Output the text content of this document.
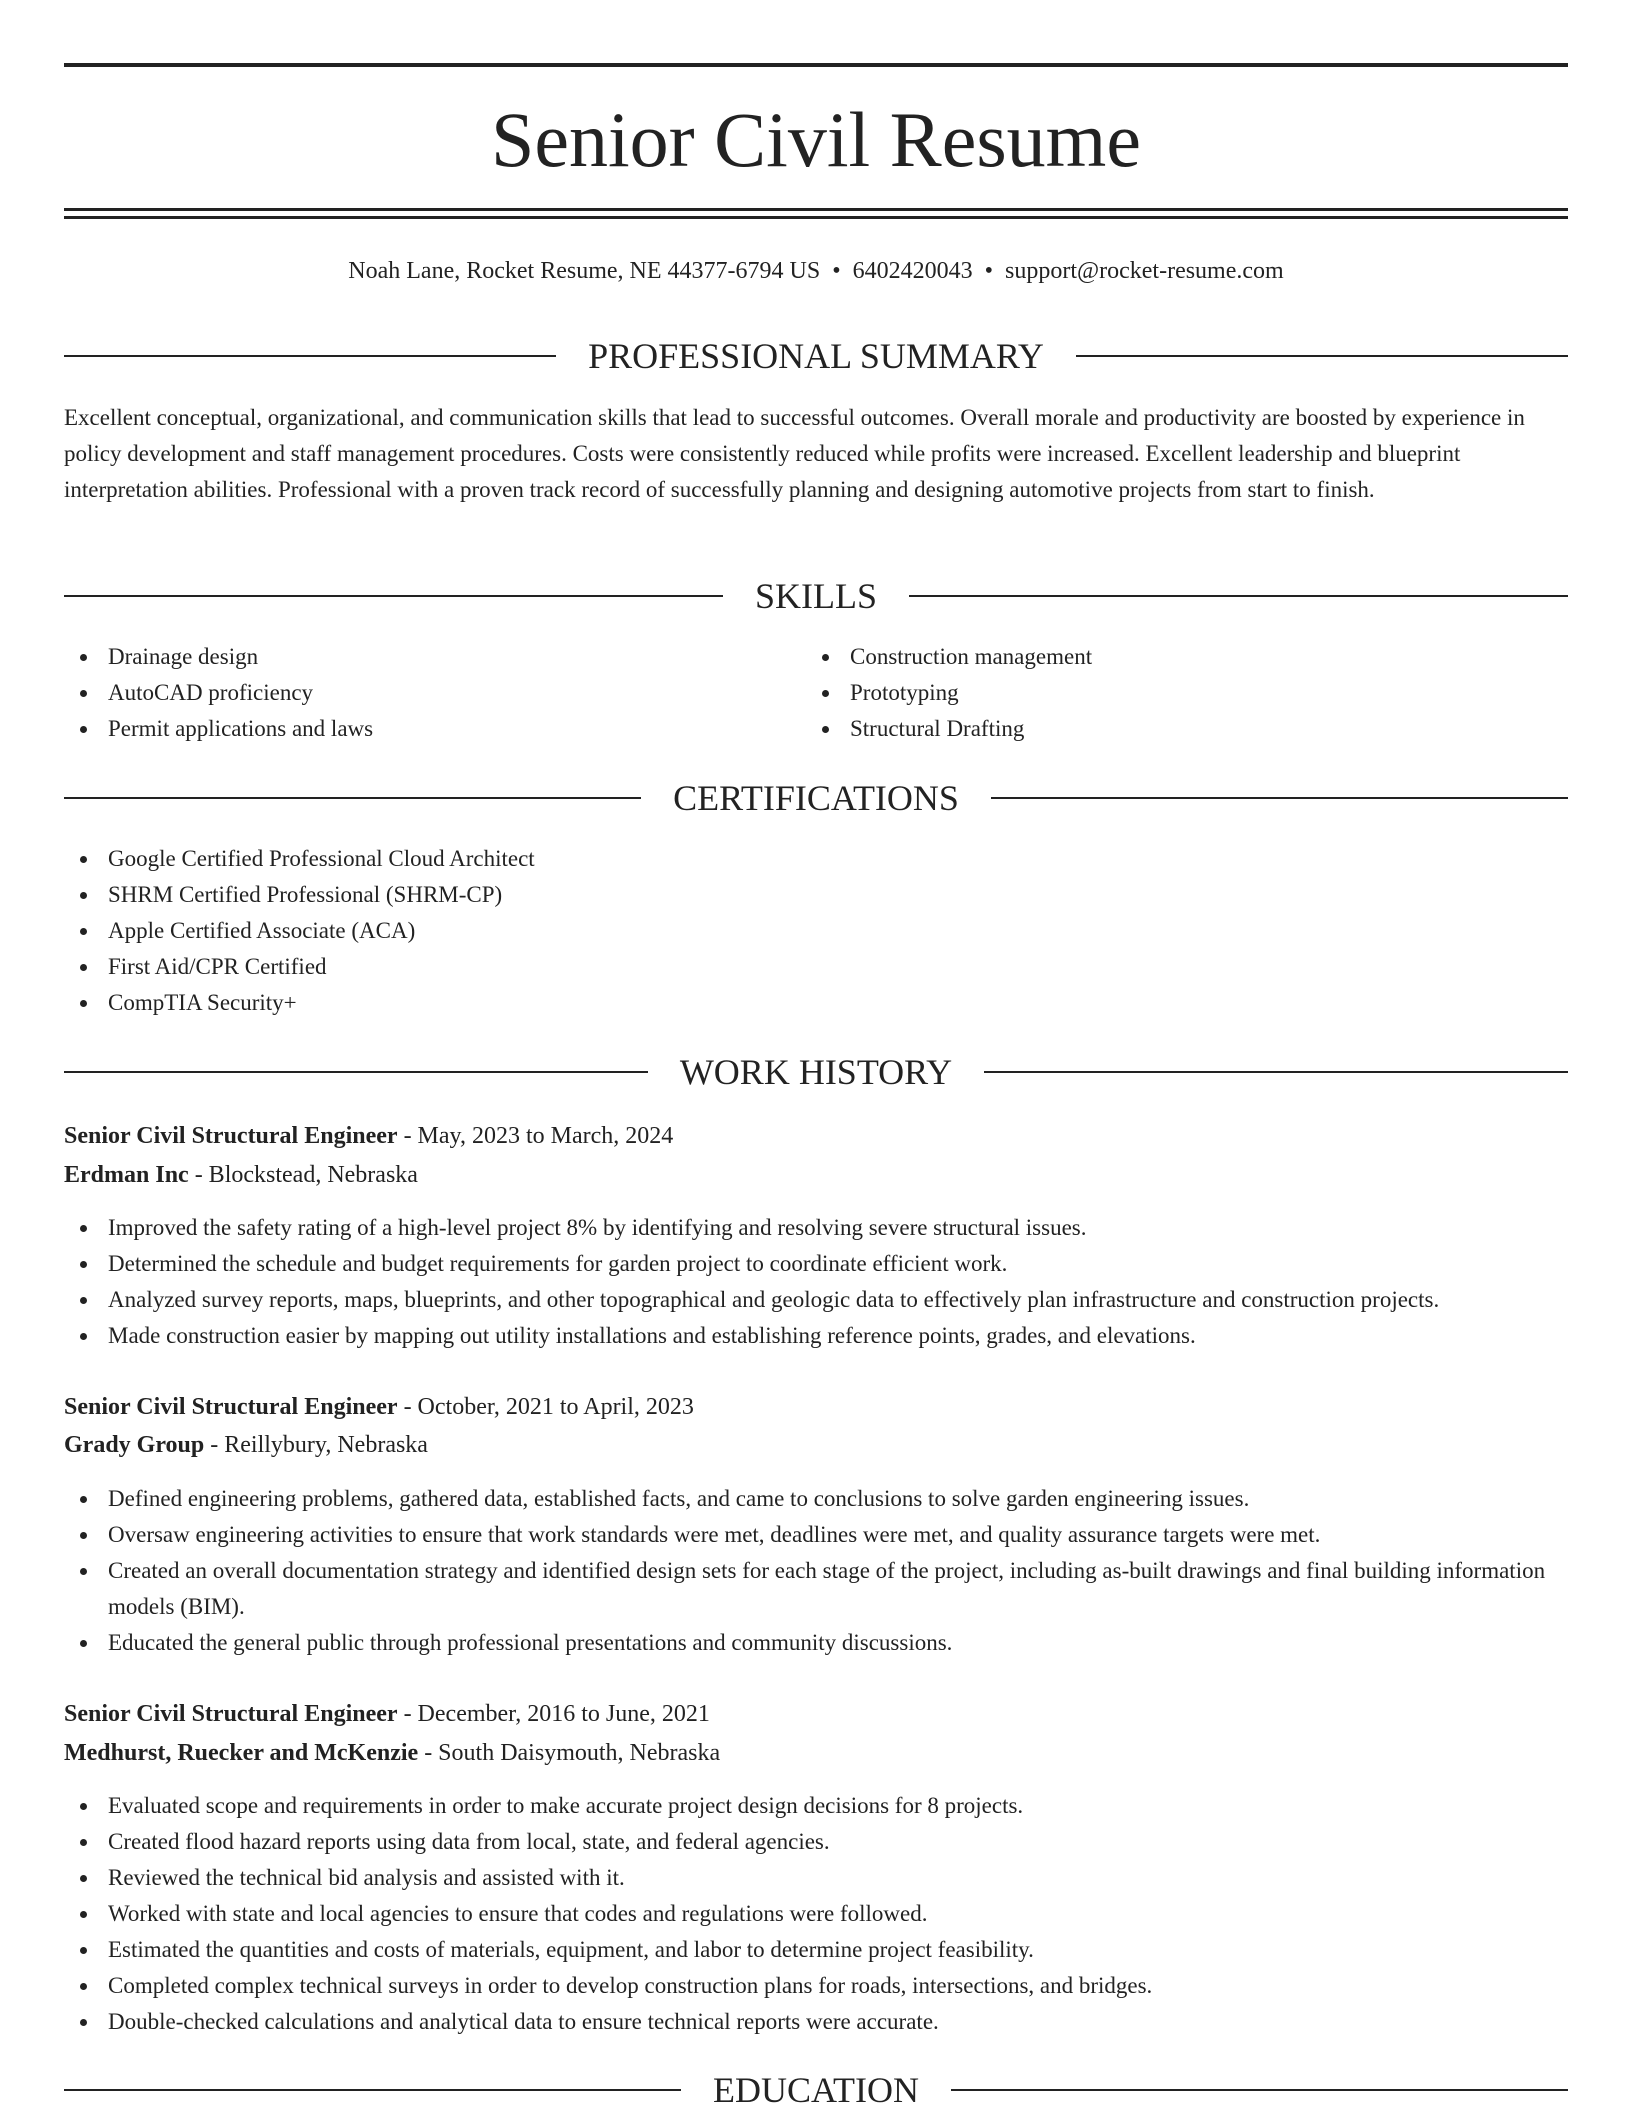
Senior Civil Resume
Noah Lane, Rocket Resume, NE 44377-6794 US • 6402420043 • support@rocket-resume.com
PROFESSIONAL SUMMARY
Excellent conceptual, organizational, and communication skills that lead to successful outcomes. Overall morale and productivity are boosted by experience in policy development and staff management procedures. Costs were consistently reduced while profits were increased. Excellent leadership and blueprint interpretation abilities. Professional with a proven track record of successfully planning and designing automotive projects from start to finish.
SKILLS
Drainage design
AutoCAD proficiency
Permit applications and laws
Construction management
Prototyping
Structural Drafting
CERTIFICATIONS
Google Certified Professional Cloud Architect
SHRM Certified Professional (SHRM-CP)
Apple Certified Associate (ACA)
First Aid/CPR Certified
CompTIA Security+
WORK HISTORY
Senior Civil Structural Engineer - May, 2023 to March, 2024
Erdman Inc - Blockstead, Nebraska
Improved the safety rating of a high-level project 8% by identifying and resolving severe structural issues.
Determined the schedule and budget requirements for garden project to coordinate efficient work.
Analyzed survey reports, maps, blueprints, and other topographical and geologic data to effectively plan infrastructure and construction projects.
Made construction easier by mapping out utility installations and establishing reference points, grades, and elevations.
Senior Civil Structural Engineer - October, 2021 to April, 2023
Grady Group - Reillybury, Nebraska
Defined engineering problems, gathered data, established facts, and came to conclusions to solve garden engineering issues.
Oversaw engineering activities to ensure that work standards were met, deadlines were met, and quality assurance targets were met.
Created an overall documentation strategy and identified design sets for each stage of the project, including as-built drawings and final building information models (BIM).
Educated the general public through professional presentations and community discussions.
Senior Civil Structural Engineer - December, 2016 to June, 2021
Medhurst, Ruecker and McKenzie - South Daisymouth, Nebraska
Evaluated scope and requirements in order to make accurate project design decisions for 8 projects.
Created flood hazard reports using data from local, state, and federal agencies.
Reviewed the technical bid analysis and assisted with it.
Worked with state and local agencies to ensure that codes and regulations were followed.
Estimated the quantities and costs of materials, equipment, and labor to determine project feasibility.
Completed complex technical surveys in order to develop construction plans for roads, intersections, and bridges.
Double-checked calculations and analytical data to ensure technical reports were accurate.
EDUCATION
